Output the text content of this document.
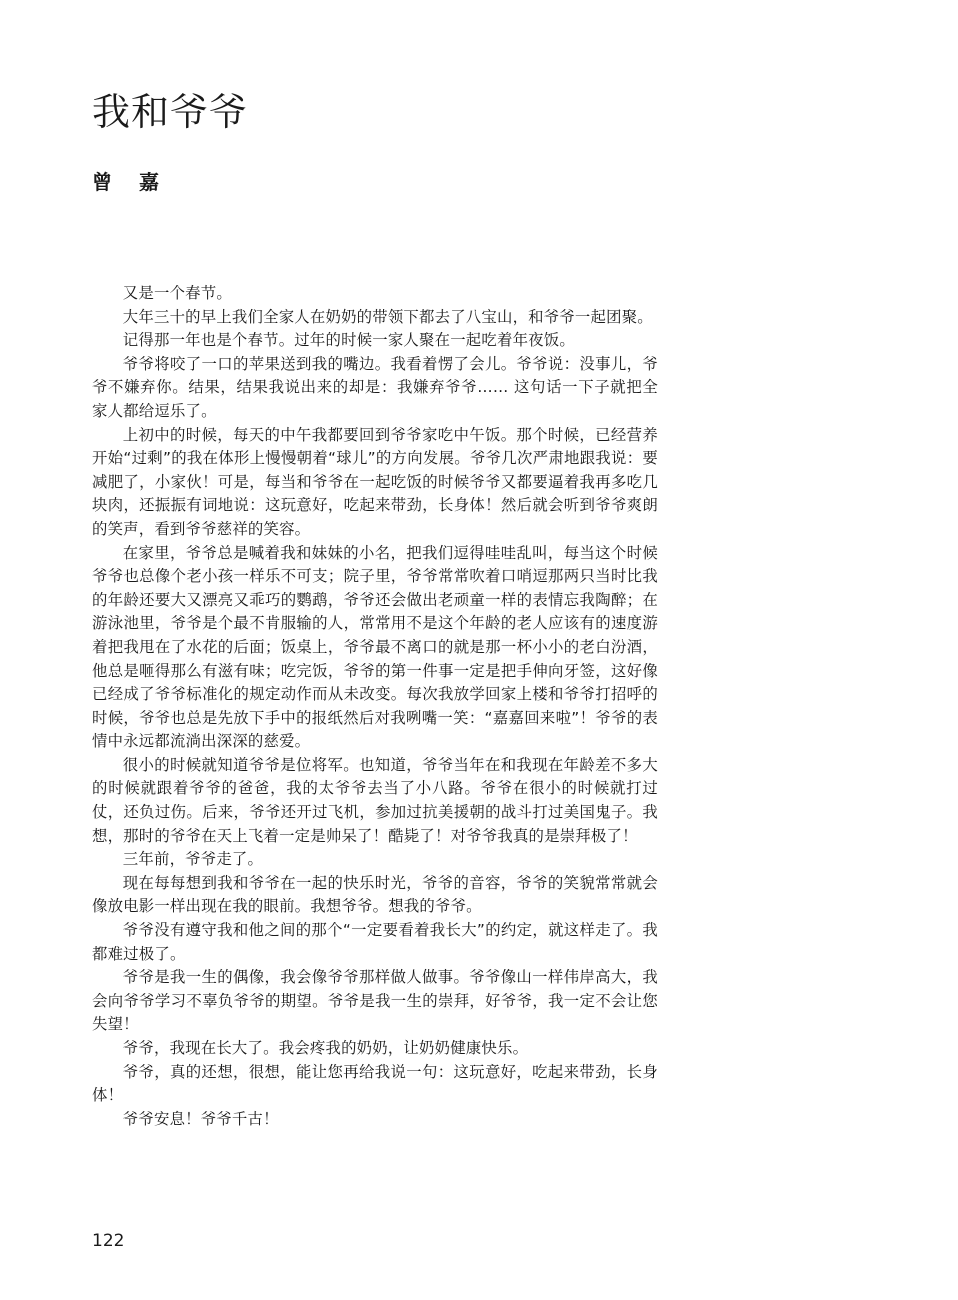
我和爷爷
曾 嘉

又是一个春节。

大年三十的早上我们全家人在奶奶的带领下都去了八宝山，和爷爷一起团聚。

记得那一年也是个春节。过年的时候一家人聚在一起吃着年夜饭。

爷爷将咬了一口的苹果送到我的嘴边。我看着愣了会儿。爷爷说：没事儿，爷爷不嫌弃你。结果，结果我说出来的却是：我嫌弃爷爷…… 这句话一下子就把全家人都给逗乐了。

上初中的时候，每天的中午我都要回到爷爷家吃中午饭。那个时候，已经营养开始“过剩”的我在体形上慢慢朝着“球儿”的方向发展。爷爷几次严肃地跟我说：要减肥了，小家伙！可是，每当和爷爷在一起吃饭的时候爷爷又都要逼着我再多吃几块肉，还振振有词地说：这玩意好，吃起来带劲，长身体！然后就会听到爷爷爽朗的笑声，看到爷爷慈祥的笑容。

在家里，爷爷总是喊着我和妹妹的小名，把我们逗得哇哇乱叫，每当这个时候爷爷也总像个老小孩一样乐不可支；院子里，爷爷常常吹着口哨逗那两只当时比我的年龄还要大又漂亮又乖巧的鹦鹉，爷爷还会做出老顽童一样的表情忘我陶醉；在游泳池里，爷爷是个最不肯服输的人，常常用不是这个年龄的老人应该有的速度游着把我甩在了水花的后面；饭桌上，爷爷最不离口的就是那一杯小小的老白汾酒，他总是咂得那么有滋有味；吃完饭，爷爷的第一件事一定是把手伸向牙签，这好像已经成了爷爷标准化的规定动作而从未改变。每次我放学回家上楼和爷爷打招呼的时候，爷爷也总是先放下手中的报纸然后对我咧嘴一笑：“嘉嘉回来啦”！爷爷的表情中永远都流淌出深深的慈爱。

很小的时候就知道爷爷是位将军。也知道，爷爷当年在和我现在年龄差不多大的时候就跟着爷爷的爸爸，我的太爷爷去当了小八路。爷爷在很小的时候就打过仗，还负过伤。后来，爷爷还开过飞机，参加过抗美援朝的战斗打过美国鬼子。我想，那时的爷爷在天上飞着一定是帅呆了！酷毙了！对爷爷我真的是崇拜极了！

三年前，爷爷走了。

现在每每想到我和爷爷在一起的快乐时光，爷爷的音容，爷爷的笑貌常常就会像放电影一样出现在我的眼前。我想爷爷。想我的爷爷。

爷爷没有遵守我和他之间的那个“一定要看着我长大”的约定，就这样走了。我都难过极了。

爷爷是我一生的偶像，我会像爷爷那样做人做事。爷爷像山一样伟岸高大，我会向爷爷学习不辜负爷爷的期望。爷爷是我一生的崇拜，好爷爷，我一定不会让您失望！

爷爷，我现在长大了。我会疼我的奶奶，让奶奶健康快乐。

爷爷，真的还想，很想，能让您再给我说一句：这玩意好，吃起来带劲，长身体！

爷爷安息！爷爷千古！

122
